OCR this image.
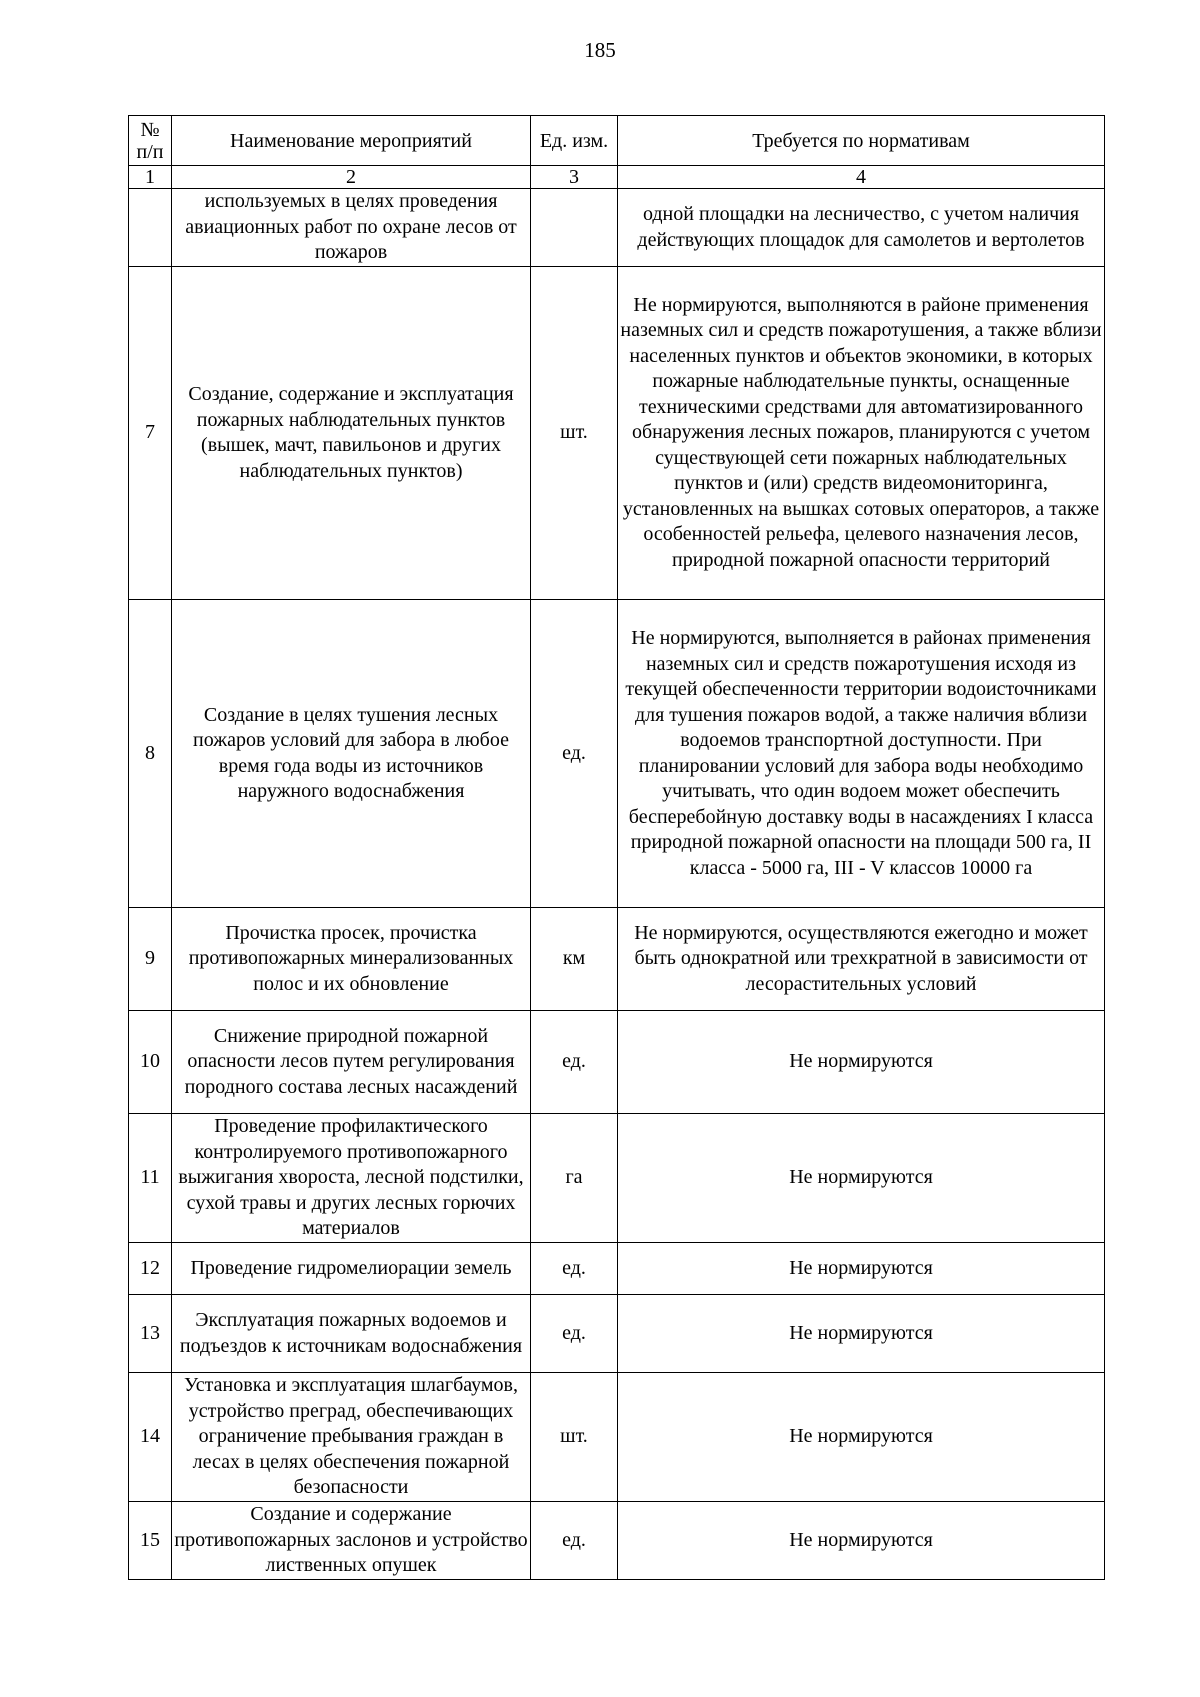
185
№ п/п	Наименование мероприятий	Ед. изм.	Требуется по нормативам
1	2	3	4
	используемых в целях проведения авиационных работ по охране лесов от пожаров		одной площадки на лесничество, с учетом наличия действующих площадок для самолетов и вертолетов
7	Создание, содержание и эксплуатация пожарных наблюдательных пунктов (вышек, мачт, павильонов и других наблюдательных пунктов)	шт.	Не нормируются, выполняются в районе применения наземных сил и средств пожаротушения, а также вблизи населенных пунктов и объектов экономики, в которых пожарные наблюдательные пункты, оснащенные техническими средствами для автоматизированного обнаружения лесных пожаров, планируются с учетом существующей сети пожарных наблюдательных пунктов и (или) средств видеомониторинга, установленных на вышках сотовых операторов, а также особенностей рельефа, целевого назначения лесов, природной пожарной опасности территорий
8	Создание в целях тушения лесных пожаров условий для забора в любое время года воды из источников наружного водоснабжения	ед.	Не нормируются, выполняется в районах применения наземных сил и средств пожаротушения исходя из текущей обеспеченности территории водоисточниками для тушения пожаров водой, а также наличия вблизи водоемов транспортной доступности. При планировании условий для забора воды необходимо учитывать, что один водоем может обеспечить бесперебойную доставку воды в насаждениях I класса природной пожарной опасности на площади 500 га, II класса - 5000 га, III - V классов 10000 га
9	Прочистка просек, прочистка противопожарных минерализованных полос и их обновление	км	Не нормируются, осуществляются ежегодно и может быть однократной или трехкратной в зависимости от лесорастительных условий
10	Снижение природной пожарной опасности лесов путем регулирования породного состава лесных насаждений	ед.	Не нормируются
11	Проведение профилактического контролируемого противопожарного выжигания хвороста, лесной подстилки, сухой травы и других лесных горючих материалов	га	Не нормируются
12	Проведение гидромелиорации земель	ед.	Не нормируются
13	Эксплуатация пожарных водоемов и подъездов к источникам водоснабжения	ед.	Не нормируются
14	Установка и эксплуатация шлагбаумов, устройство преград, обеспечивающих ограничение пребывания граждан в лесах в целях обеспечения пожарной безопасности	шт.	Не нормируются
15	Создание и содержание противопожарных заслонов и устройство лиственных опушек	ед.	Не нормируются
